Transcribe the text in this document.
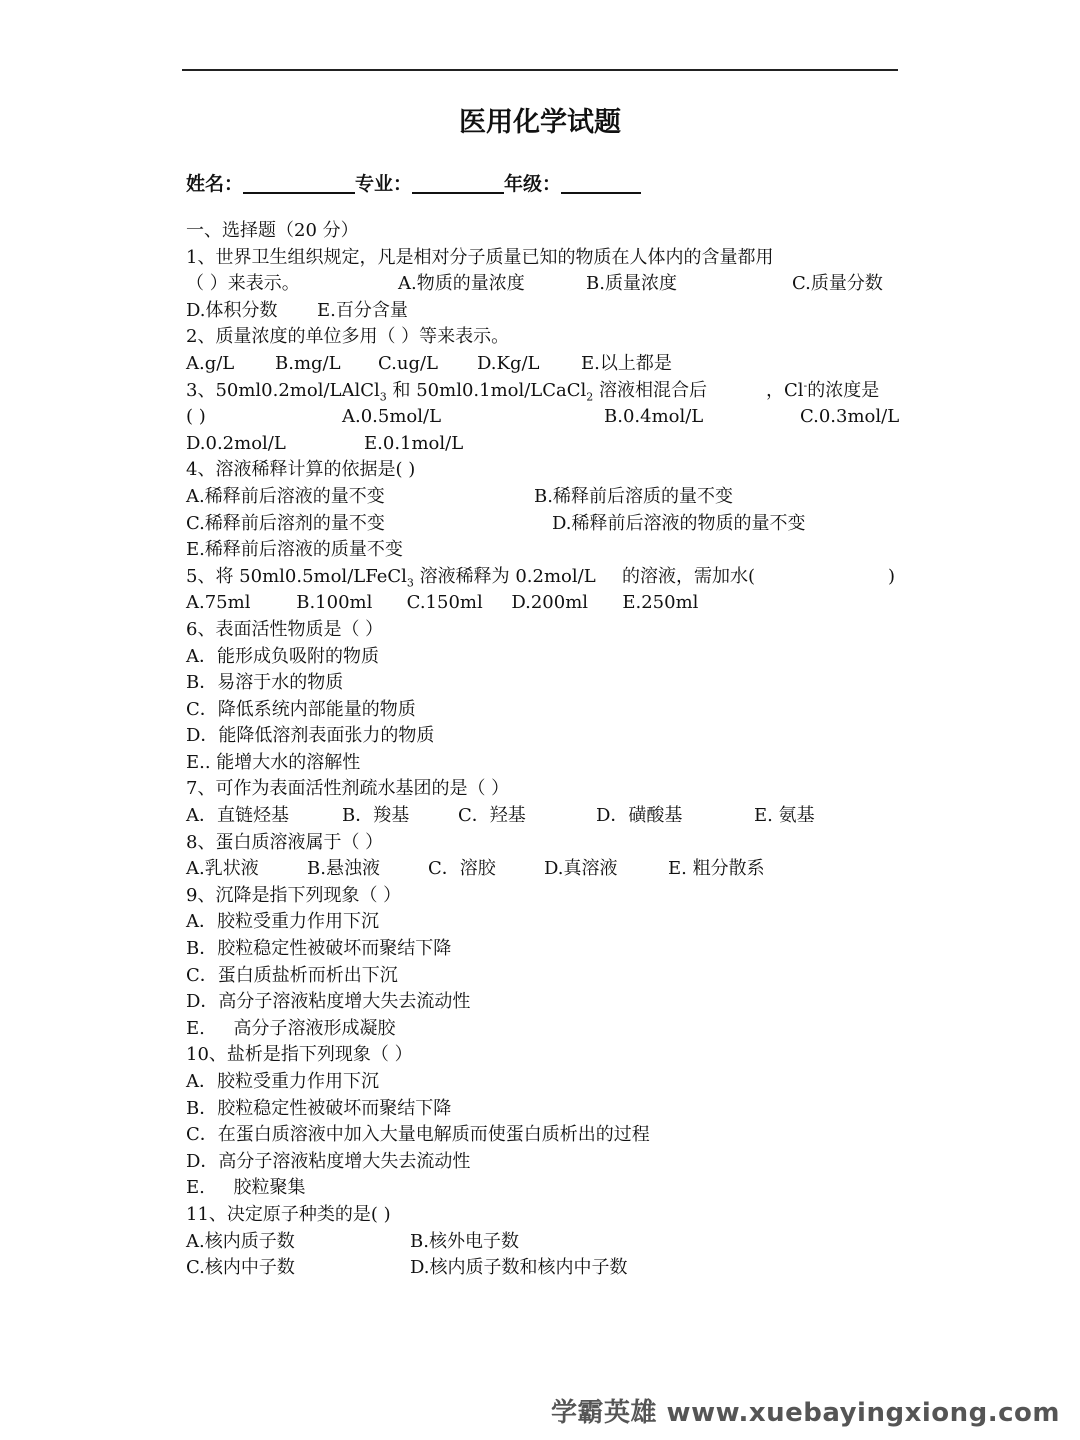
医用化学试题
姓名：	专业：	年级：
一、选择题（20 分）
1、世界卫生组织规定，凡是相对分子质量已知的物质在人体内的含量都用
（ ）来表示。	A.物质的量浓度	B.质量浓度	C.质量分数
D.体积分数 E.百分含量
2、质量浓度的单位多用（ ）等来表示。
A.g/L B.mg/L C.ug/L D.Kg/L E.以上都是
3、50ml0.2mol/LAlCl$_3$ 和 50ml0.1mol/LCaCl$_2$ 溶液相混合后	，Cl-的浓度是
( )	A.0.5mol/L	B.0.4mol/L	C.0.3mol/L
D.0.2mol/L	E.0.1mol/L
4、溶液稀释计算的依据是( )
A.稀释前后溶液的量不变	B.稀释前后溶质的量不变
C.稀释前后溶剂的量不变	D.稀释前后溶液的物质的量不变
E.稀释前后溶液的质量不变
5、将 50ml0.5mol/LFeCl$_3$ 溶液稀释为 0.2mol/L 的溶液，需加水(	)
A.75ml        B.100ml      C.150ml     D.200ml      E.250ml
6、表面活性物质是（ ）
A．能形成负吸附的物质
B．易溶于水的物质
C．降低系统内部能量的物质
D．能降低溶剂表面张力的物质
E.. 能增大水的溶解性
7、可作为表面活性剂疏水基团的是（ ）
A．直链烃基	B．羧基	C．羟基	D．磺酸基	E. 氨基
8、蛋白质溶液属于（ ）
A.乳状液	B.悬浊液	C．溶胶	D.真溶液	E. 粗分散系
9、沉降是指下列现象（ ）
A．胶粒受重力作用下沉
B．胶粒稳定性被破坏而聚结下降
C．蛋白质盐析而析出下沉
D．高分子溶液粘度增大失去流动性
E.     高分子溶液形成凝胶
10、盐析是指下列现象（ ）
A．胶粒受重力作用下沉
B．胶粒稳定性被破坏而聚结下降
C．在蛋白质溶液中加入大量电解质而使蛋白质析出的过程
D．高分子溶液粘度增大失去流动性
E.     胶粒聚集
11、决定原子种类的是( )
A.核内质子数	B.核外电子数
C.核内中子数	D.核内质子数和核内中子数
学霸英雄 www.xuebayingxiong.com
